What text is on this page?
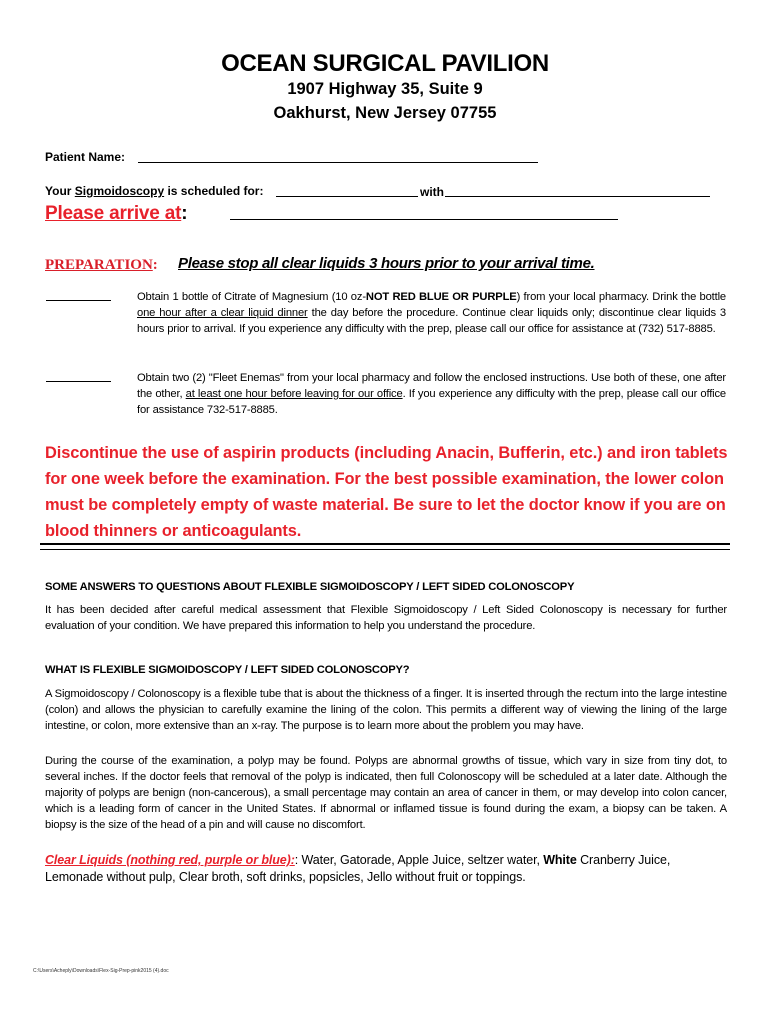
OCEAN SURGICAL PAVILION
1907 Highway 35, Suite 9
Oakhurst, New Jersey 07755
Patient Name:
Your Sigmoidoscopy is scheduled for:	with
Please arrive at:
PREPARATION: Please stop all clear liquids 3 hours prior to your arrival time.
Obtain 1 bottle of Citrate of Magnesium (10 oz-NOT RED BLUE OR PURPLE) from your local pharmacy. Drink the bottle one hour after a clear liquid dinner the day before the procedure. Continue clear liquids only; discontinue clear liquids 3 hours prior to arrival. If you experience any difficulty with the prep, please call our office for assistance at (732) 517-8885.
Obtain two (2) "Fleet Enemas" from your local pharmacy and follow the enclosed instructions. Use both of these, one after the other, at least one hour before leaving for our office. If you experience any difficulty with the prep, please call our office for assistance 732-517-8885.
Discontinue the use of aspirin products (including Anacin, Bufferin, etc.) and iron tablets for one week before the examination. For the best possible examination, the lower colon must be completely empty of waste material. Be sure to let the doctor know if you are on blood thinners or anticoagulants.
SOME ANSWERS TO QUESTIONS ABOUT FLEXIBLE SIGMOIDOSCOPY / LEFT SIDED COLONOSCOPY
It has been decided after careful medical assessment that Flexible Sigmoidoscopy / Left Sided Colonoscopy is necessary for further evaluation of your condition. We have prepared this information to help you understand the procedure.
WHAT IS FLEXIBLE SIGMOIDOSCOPY / LEFT SIDED COLONOSCOPY?
A Sigmoidoscopy / Colonoscopy is a flexible tube that is about the thickness of a finger. It is inserted through the rectum into the large intestine (colon) and allows the physician to carefully examine the lining of the colon. This permits a different way of viewing the lining of the large intestine, or colon, more extensive than an x-ray. The purpose is to learn more about the problem you may have.
During the course of the examination, a polyp may be found. Polyps are abnormal growths of tissue, which vary in size from tiny dot, to several inches. If the doctor feels that removal of the polyp is indicated, then full Colonoscopy will be scheduled at a later date. Although the majority of polyps are benign (non-cancerous), a small percentage may contain an area of cancer in them, or may develop into colon cancer, which is a leading form of cancer in the United States. If abnormal or inflamed tissue is found during the exam, a biopsy can be taken. A biopsy is the size of the head of a pin and will cause no discomfort.
Clear Liquids (nothing red, purple or blue):: Water, Gatorade, Apple Juice, seltzer water, White Cranberry Juice, Lemonade without pulp, Clear broth, soft drinks, popsicles, Jello without fruit or toppings.
C:\Users\Acheply\Downloads\Flex-Sig-Prep-pink2015 (4).doc
